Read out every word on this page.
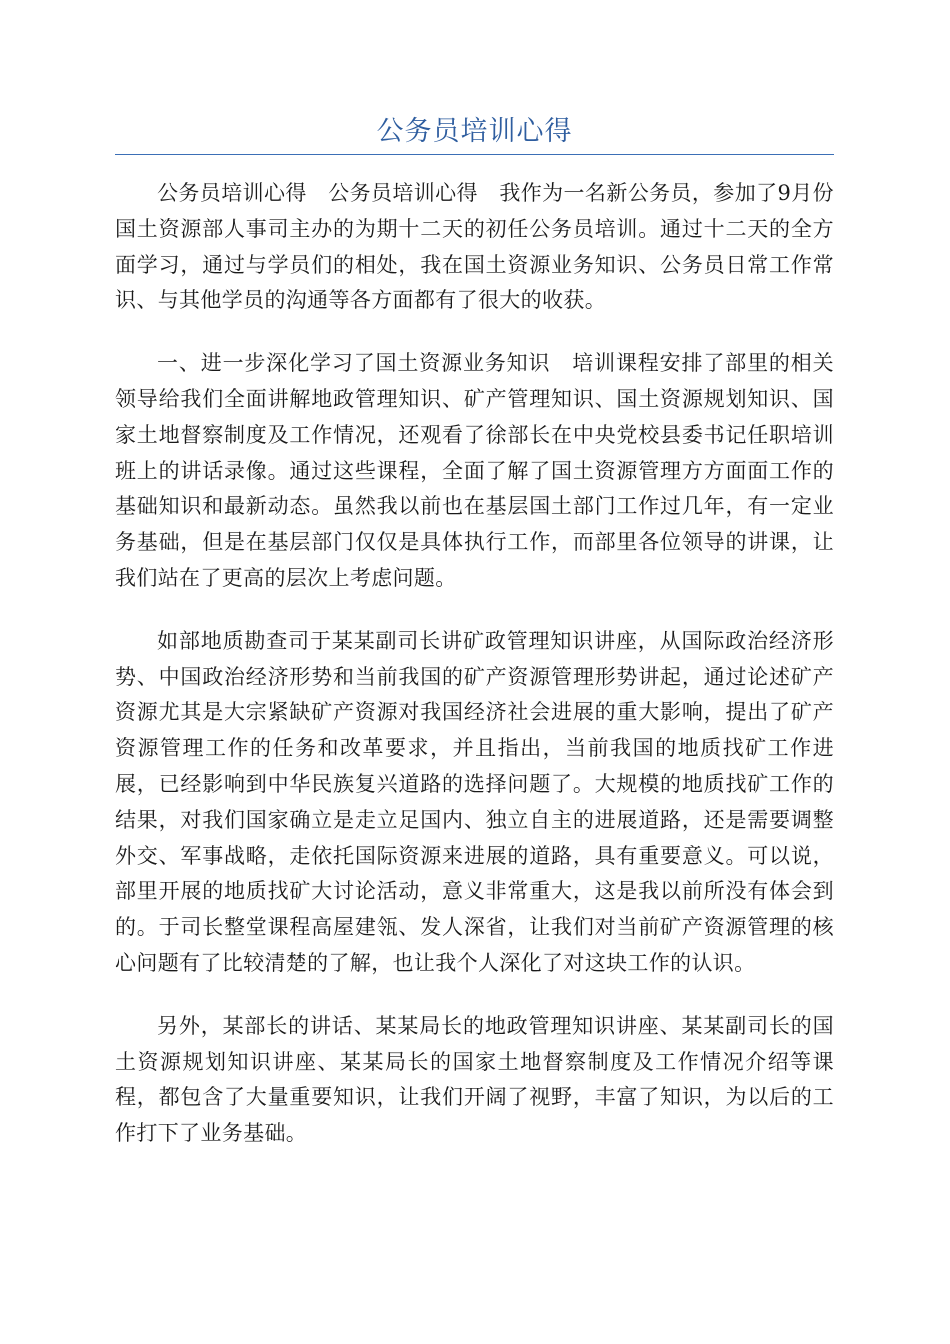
公务员培训心得

公务员培训心得　公务员培训心得　我作为一名新公务员，参加了9月份国土资源部人事司主办的为期十二天的初任公务员培训。通过十二天的全方面学习，通过与学员们的相处，我在国土资源业务知识、公务员日常工作常识、与其他学员的沟通等各方面都有了很大的收获。

一、进一步深化学习了国土资源业务知识　培训课程安排了部里的相关领导给我们全面讲解地政管理知识、矿产管理知识、国土资源规划知识、国家土地督察制度及工作情况，还观看了徐部长在中央党校县委书记任职培训班上的讲话录像。通过这些课程，全面了解了国土资源管理方方面面工作的基础知识和最新动态。虽然我以前也在基层国土部门工作过几年，有一定业务基础，但是在基层部门仅仅是具体执行工作，而部里各位领导的讲课，让我们站在了更高的层次上考虑问题。

如部地质勘查司于某某副司长讲矿政管理知识讲座，从国际政治经济形势、中国政治经济形势和当前我国的矿产资源管理形势讲起，通过论述矿产资源尤其是大宗紧缺矿产资源对我国经济社会进展的重大影响，提出了矿产资源管理工作的任务和改革要求，并且指出，当前我国的地质找矿工作进展，已经影响到中华民族复兴道路的选择问题了。大规模的地质找矿工作的结果，对我们国家确立是走立足国内、独立自主的进展道路，还是需要调整外交、军事战略，走依托国际资源来进展的道路，具有重要意义。可以说，部里开展的地质找矿大讨论活动，意义非常重大，这是我以前所没有体会到的。于司长整堂课程高屋建瓴、发人深省，让我们对当前矿产资源管理的核心问题有了比较清楚的了解，也让我个人深化了对这块工作的认识。

另外，某部长的讲话、某某局长的地政管理知识讲座、某某副司长的国土资源规划知识讲座、某某局长的国家土地督察制度及工作情况介绍等课程，都包含了大量重要知识，让我们开阔了视野，丰富了知识，为以后的工作打下了业务基础。
